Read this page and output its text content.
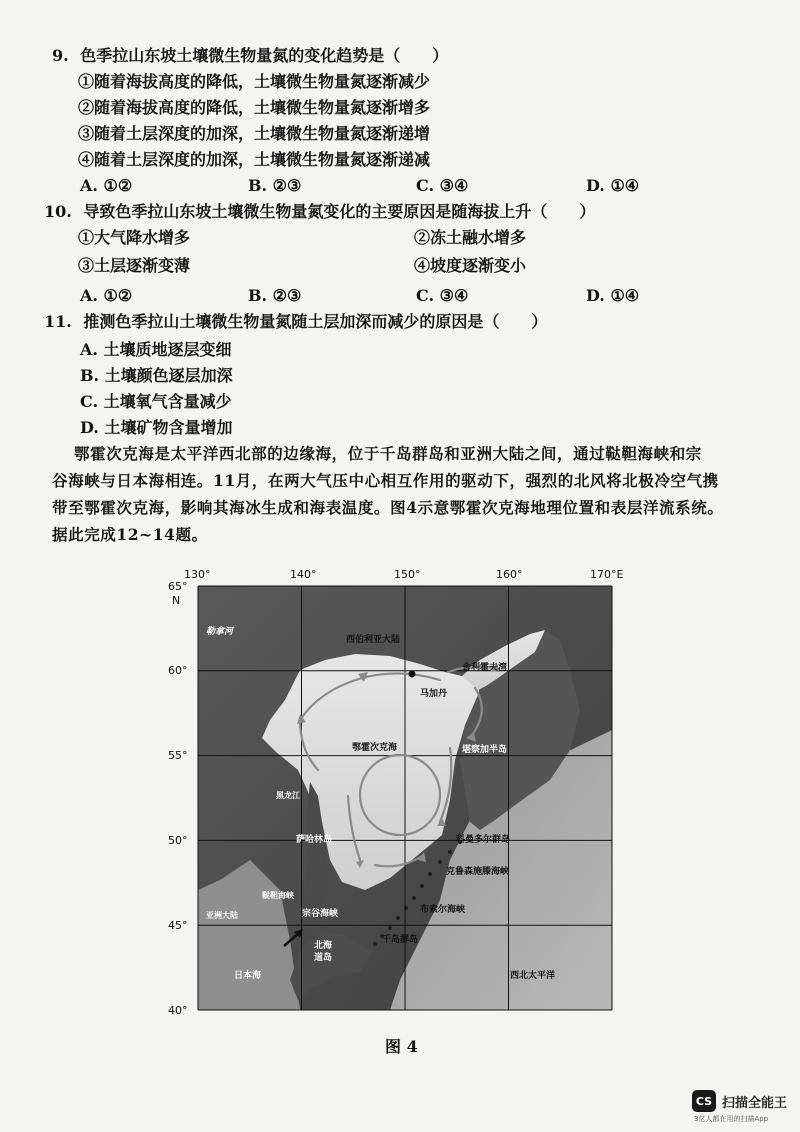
9. 色季拉山东坡土壤微生物量氮的变化趋势是（　　）
①随着海拔高度的降低，土壤微生物量氮逐渐减少
②随着海拔高度的降低，土壤微生物量氮逐渐增多
③随着土层深度的加深，土壤微生物量氮逐渐递增
④随着土层深度的加深，土壤微生物量氮逐渐递减
A. ①②	B. ②③	C. ③④	D. ①④
10. 导致色季拉山东坡土壤微生物量氮变化的主要原因是随海拔上升（　　）
①大气降水增多	②冻土融水增多
③土层逐渐变薄	④坡度逐渐变小
A. ①②	B. ②③	C. ③④	D. ①④
11. 推测色季拉山土壤微生物量氮随土层加深而减少的原因是（　　）
A. 土壤质地逐层变细
B. 土壤颜色逐层加深
C. 土壤氧气含量减少
D. 土壤矿物含量增加
鄂霍次克海是太平洋西北部的边缘海，位于千岛群岛和亚洲大陆之间，通过鞑靼海峡和宗
谷海峡与日本海相连。11月，在两大气压中心相互作用的驱动下，强烈的北风将北极冷空气携
带至鄂霍次克海，影响其海冰生成和海表温度。图4示意鄂霍次克海地理位置和表层洋流系统。
据此完成12~14题。
西伯利亚大陆
马加丹
舍利霍夫湾
鄂霍次克海	堪察加半岛
萨哈林岛
宗谷海峡
北海
道岛
千岛群岛
科曼多尔群岛
克鲁森施滕海峡
布索尔海峡
日本海	西北太平洋
勒拿河
鞑靼海峡
亚洲大陆
黑龙江
130°	140°	150°	160°	170°E
65°
N
60°
55°
50°
45°
40°
图 4
CS 扫描全能王
3亿人都在用的扫描App
